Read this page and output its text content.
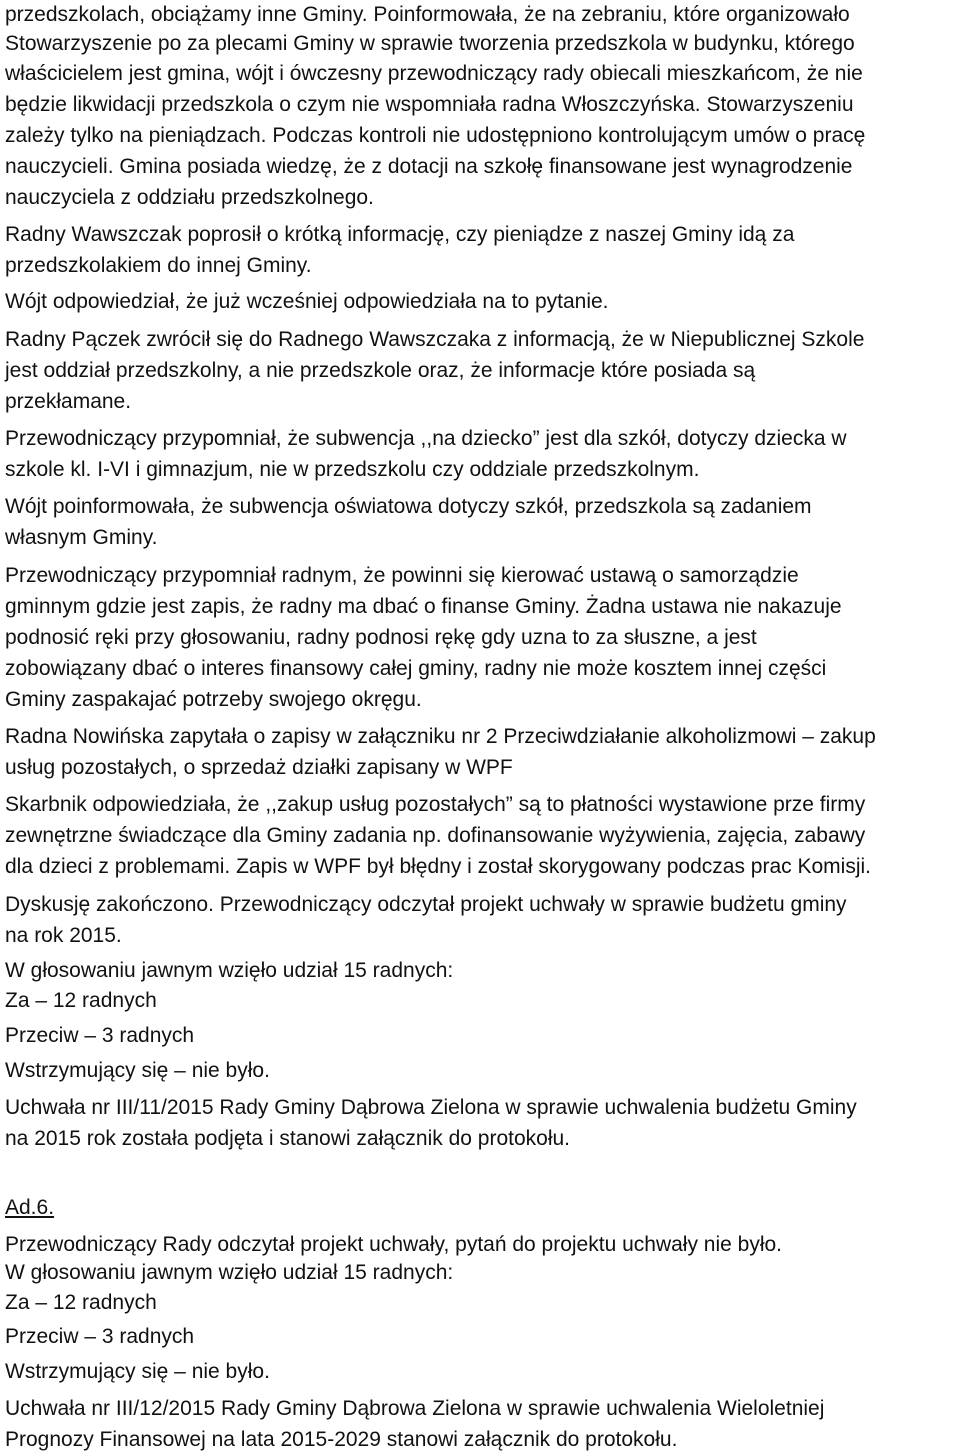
przedszkolach, obciążamy inne Gminy. Poinformowała, że na zebraniu, które organizowało

Stowarzyszenie po za plecami Gminy w sprawie tworzenia przedszkola w budynku, którego

właścicielem jest gmina, wójt i ówczesny przewodniczący rady obiecali mieszkańcom, że nie

będzie likwidacji przedszkola o czym nie wspomniała radna Włoszczyńska. Stowarzyszeniu

zależy tylko na pieniądzach. Podczas kontroli nie udostępniono kontrolującym umów o pracę

nauczycieli. Gmina posiada wiedzę, że z dotacji na szkołę finansowane jest wynagrodzenie

nauczyciela z oddziału przedszkolnego.

Radny Wawszczak poprosił o krótką informację, czy pieniądze z naszej Gminy idą za

przedszkolakiem do innej Gminy.

Wójt odpowiedział, że już wcześniej odpowiedziała na to pytanie.

Radny Pączek zwrócił się do Radnego Wawszczaka z informacją, że w Niepublicznej Szkole

jest oddział przedszkolny, a nie przedszkole oraz, że informacje które posiada są

przekłamane.

Przewodniczący przypomniał, że subwencja ,,na dziecko” jest dla szkół, dotyczy dziecka w

szkole kl. I-VI i gimnazjum, nie w przedszkolu czy oddziale przedszkolnym.

Wójt poinformowała, że subwencja oświatowa dotyczy szkół, przedszkola są zadaniem

własnym Gminy.

Przewodniczący przypomniał radnym, że powinni się kierować ustawą o samorządzie

gminnym gdzie jest zapis, że radny ma dbać o finanse Gminy. Żadna ustawa nie nakazuje

podnosić ręki przy głosowaniu, radny podnosi rękę gdy uzna to za słuszne, a jest

zobowiązany dbać o interes finansowy całej gminy, radny nie może kosztem innej części

Gminy zaspakajać potrzeby swojego okręgu.

Radna Nowińska zapytała o zapisy w załączniku nr 2 Przeciwdziałanie alkoholizmowi – zakup

usług pozostałych, o sprzedaż działki zapisany w WPF

Skarbnik odpowiedziała, że ,,zakup usług pozostałych” są to płatności wystawione prze firmy

zewnętrzne świadczące dla Gminy zadania np. dofinansowanie wyżywienia, zajęcia, zabawy

dla dzieci z problemami. Zapis w WPF był błędny i został skorygowany podczas prac Komisji.

Dyskusję zakończono. Przewodniczący odczytał projekt uchwały w sprawie budżetu gminy

na rok 2015.

W głosowaniu jawnym wzięło udział 15 radnych:

Za – 12 radnych

Przeciw – 3 radnych

Wstrzymujący się – nie było.

Uchwała nr III/11/2015 Rady Gminy Dąbrowa Zielona w sprawie uchwalenia budżetu Gminy

na 2015 rok została podjęta i stanowi załącznik do protokołu.

Ad.6.

Przewodniczący Rady odczytał projekt uchwały, pytań do projektu uchwały nie było.

W głosowaniu jawnym wzięło udział 15 radnych:

Za – 12 radnych

Przeciw – 3 radnych

Wstrzymujący się – nie było.

Uchwała nr III/12/2015 Rady Gminy Dąbrowa Zielona w sprawie uchwalenia Wieloletniej

Prognozy Finansowej na lata 2015-2029 stanowi załącznik do protokołu.
